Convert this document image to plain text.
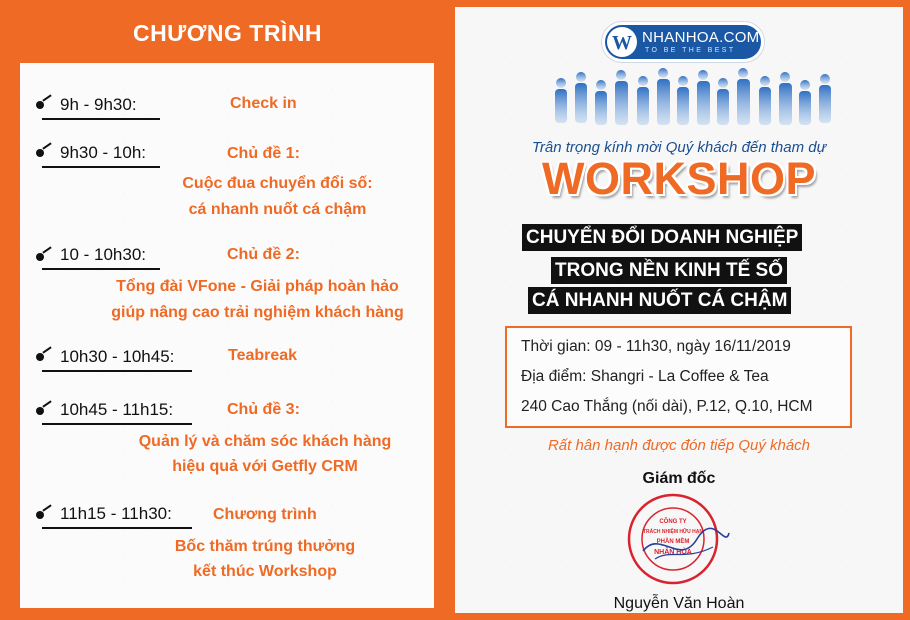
CHƯƠNG TRÌNH
9h - 9h30:	Check in
9h30 - 10h:	Chủ đề 1:
Cuộc đua chuyển đổi số:
cá nhanh nuốt cá chậm
10 - 10h30:	Chủ đề 2:
Tổng đài VFone - Giải pháp hoàn hảo
giúp nâng cao trải nghiệm khách hàng
10h30 - 10h45:	Teabreak
10h45 - 11h15:	Chủ đề 3:
Quản lý và chăm sóc khách hàng
hiệu quả với Getfly CRM
11h15 - 11h30:	Chương trình
Bốc thăm trúng thưởng
kết thúc Workshop
W NHANHOA.COM
TO BE THE BEST
Trân trọng kính mời Quý khách đến tham dự
WORKSHOP
CHUYỂN ĐỔI DOANH NGHIỆP
TRONG NỀN KINH TẾ SỐ
CÁ NHANH NUỐT CÁ CHẬM
Thời gian: 09 - 11h30, ngày 16/11/2019
Địa điểm: Shangri - La Coffee & Tea
240 Cao Thắng (nối dài), P.12, Q.10, HCM
Rất hân hạnh được đón tiếp Quý khách
Giám đốc
CÔNG TY
TRÁCH NHIỆM HỮU HẠN
PHẦN MỀM
NHÂN HÒA
Nguyễn Văn Hoàn
